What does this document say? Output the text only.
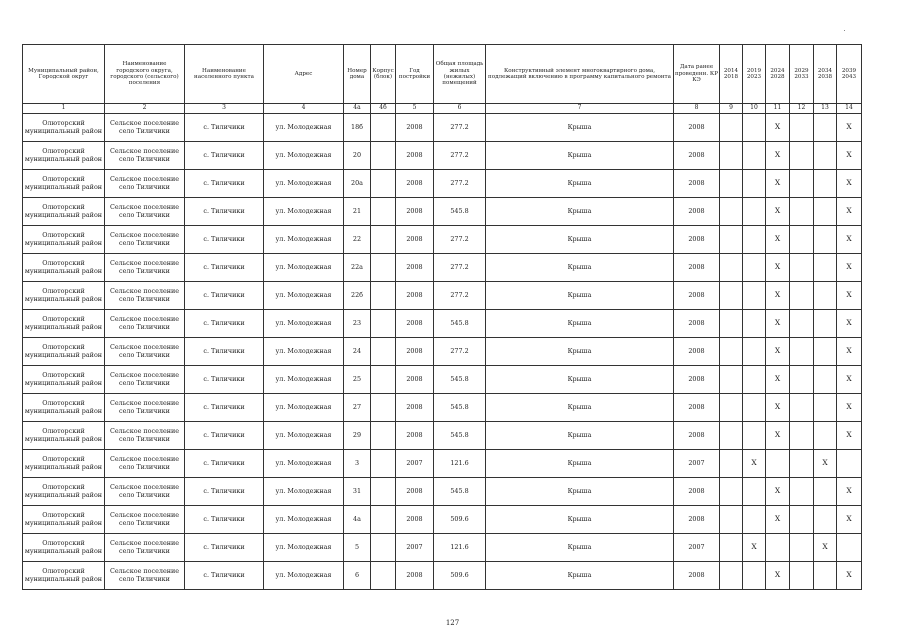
Муниципальный район, Городской округ	Наименование городского округа, городского (сельского) поселения	Наименование населенного пункта	Адрес	Номер дома	Корпус (блок)	Год постройки	Общая площадь жилых (нежилых) помещений	Конструктивный элемент многоквартирного дома, подлежащий включению в программу капитального ремонта	Дата ранее проведенн. КР КЭ	2014 2018	2019 2023	2024 2028	2029 2033	2034 2038	2039 2043
1	2	3	4	4а	4б	5	6	7	8	9	10	11	12	13	14
Олюторский муниципальный район	Сельское поселение село Тиличики	с. Тиличики	ул. Молодежная	18б		2008	277.2	Крыша	2008			X			X
Олюторский муниципальный район	Сельское поселение село Тиличики	с. Тиличики	ул. Молодежная	20		2008	277.2	Крыша	2008			X			X
Олюторский муниципальный район	Сельское поселение село Тиличики	с. Тиличики	ул. Молодежная	20а		2008	277.2	Крыша	2008			X			X
Олюторский муниципальный район	Сельское поселение село Тиличики	с. Тиличики	ул. Молодежная	21		2008	545.8	Крыша	2008			X			X
Олюторский муниципальный район	Сельское поселение село Тиличики	с. Тиличики	ул. Молодежная	22		2008	277.2	Крыша	2008			X			X
Олюторский муниципальный район	Сельское поселение село Тиличики	с. Тиличики	ул. Молодежная	22а		2008	277.2	Крыша	2008			X			X
Олюторский муниципальный район	Сельское поселение село Тиличики	с. Тиличики	ул. Молодежная	22б		2008	277.2	Крыша	2008			X			X
Олюторский муниципальный район	Сельское поселение село Тиличики	с. Тиличики	ул. Молодежная	23		2008	545.8	Крыша	2008			X			X
Олюторский муниципальный район	Сельское поселение село Тиличики	с. Тиличики	ул. Молодежная	24		2008	277.2	Крыша	2008			X			X
Олюторский муниципальный район	Сельское поселение село Тиличики	с. Тиличики	ул. Молодежная	25		2008	545.8	Крыша	2008			X			X
Олюторский муниципальный район	Сельское поселение село Тиличики	с. Тиличики	ул. Молодежная	27		2008	545.8	Крыша	2008			X			X
Олюторский муниципальный район	Сельское поселение село Тиличики	с. Тиличики	ул. Молодежная	29		2008	545.8	Крыша	2008			X			X
Олюторский муниципальный район	Сельское поселение село Тиличики	с. Тиличики	ул. Молодежная	3		2007	121.6	Крыша	2007		X			X	
Олюторский муниципальный район	Сельское поселение село Тиличики	с. Тиличики	ул. Молодежная	31		2008	545.8	Крыша	2008			X			X
Олюторский муниципальный район	Сельское поселение село Тиличики	с. Тиличики	ул. Молодежная	4а		2008	509.6	Крыша	2008			X			X
Олюторский муниципальный район	Сельское поселение село Тиличики	с. Тиличики	ул. Молодежная	5		2007	121.6	Крыша	2007		X			X	
Олюторский муниципальный район	Сельское поселение село Тиличики	с. Тиличики	ул. Молодежная	6		2008	509.6	Крыша	2008			X			X
127
